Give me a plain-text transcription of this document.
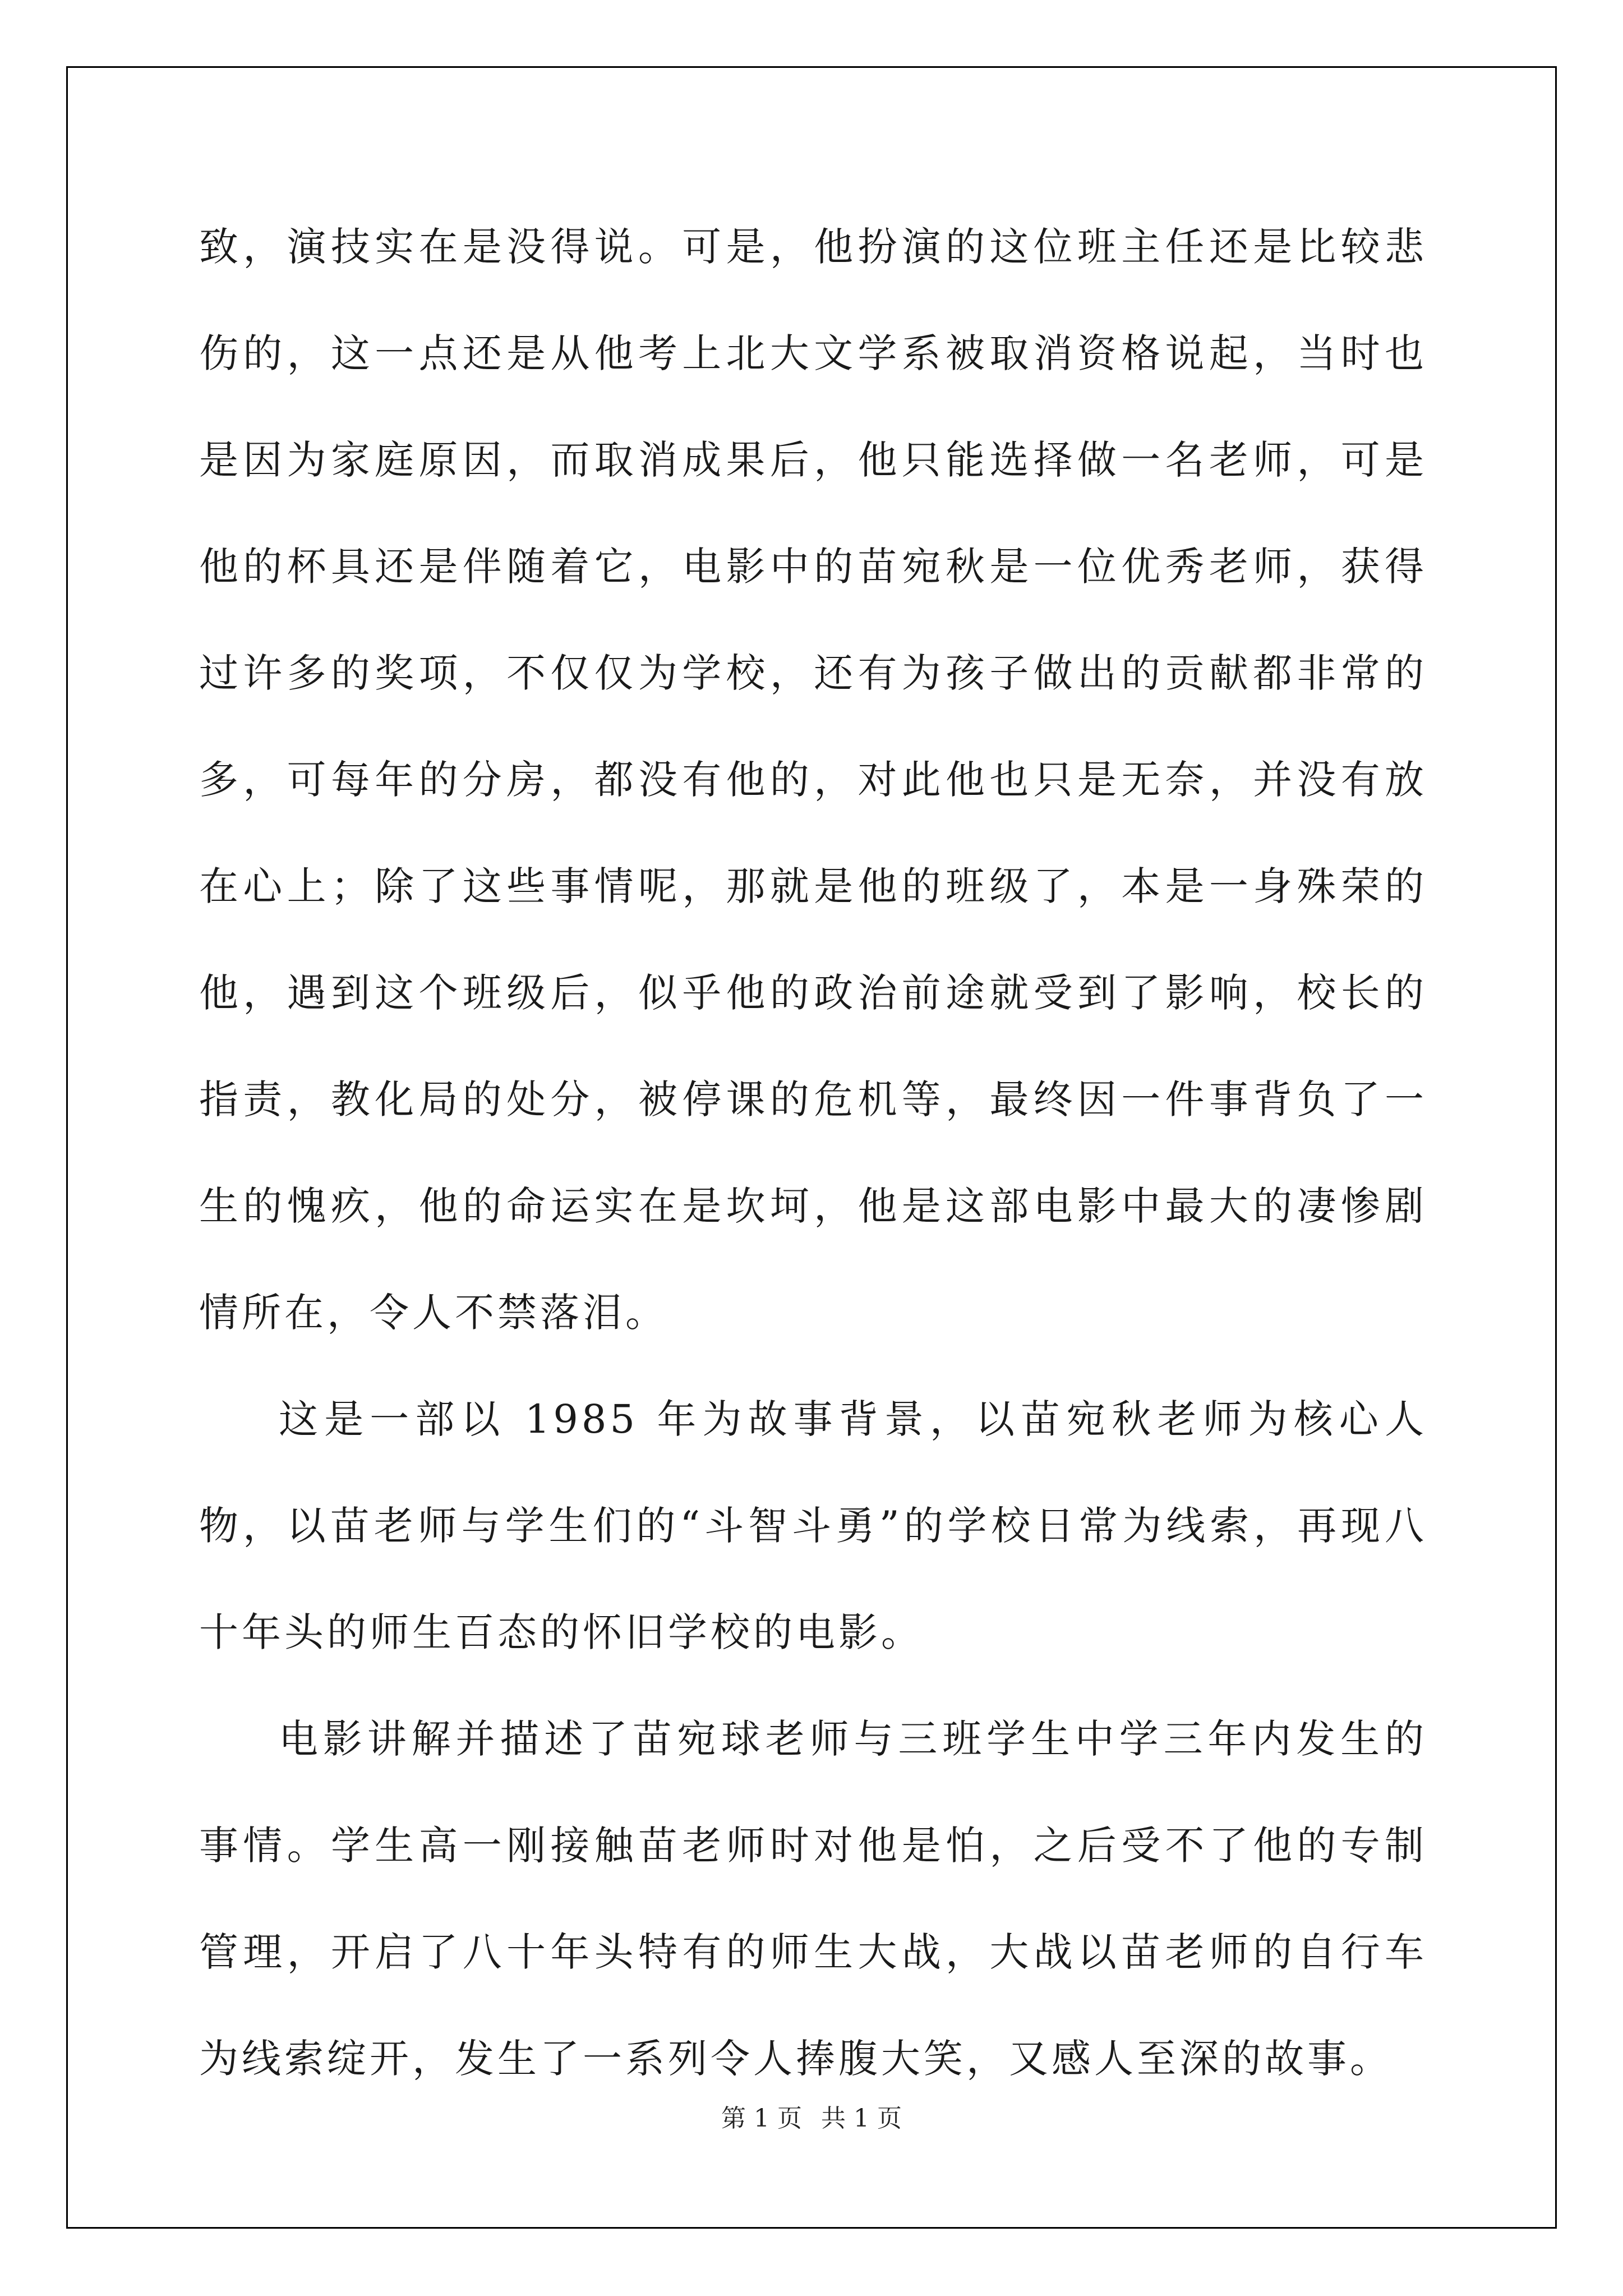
致，演技实在是没得说。可是，他扮演的这位班主任还是比较悲伤的，这一点还是从他考上北大文学系被取消资格说起，当时也是因为家庭原因，而取消成果后，他只能选择做一名老师，可是他的杯具还是伴随着它，电影中的苗宛秋是一位优秀老师，获得过许多的奖项，不仅仅为学校，还有为孩子做出的贡献都非常的多，可每年的分房，都没有他的，对此他也只是无奈，并没有放在心上；除了这些事情呢，那就是他的班级了，本是一身殊荣的他，遇到这个班级后，似乎他的政治前途就受到了影响，校长的指责，教化局的处分，被停课的危机等，最终因一件事背负了一生的愧疚，他的命运实在是坎坷，他是这部电影中最大的凄惨剧情所在，令人不禁落泪。

这是一部以 1985 年为故事背景，以苗宛秋老师为核心人物，以苗老师与学生们的“斗智斗勇”的学校日常为线索，再现八十年头的师生百态的怀旧学校的电影。

电影讲解并描述了苗宛球老师与三班学生中学三年内发生的事情。学生高一刚接触苗老师时对他是怕，之后受不了他的专制管理，开启了八十年头特有的师生大战，大战以苗老师的自行车为线索绽开，发生了一系列令人捧腹大笑，又感人至深的故事。

第 1 页 共 1 页
